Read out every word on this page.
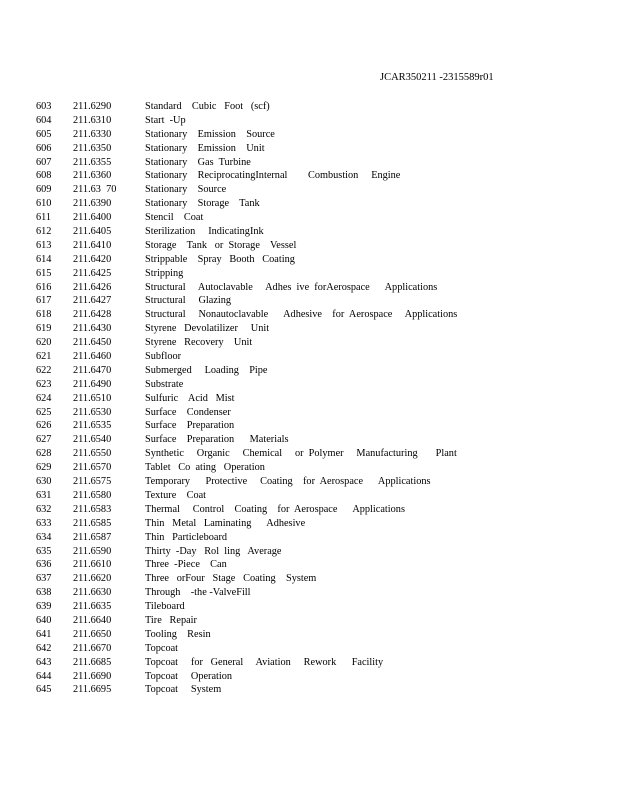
JCAR350211 -2315589r01
603 211.6290	Standard    Cubic   Foot   (scf)
604 211.6310	Start  -Up
605 211.6330	Stationary    Emission    Source
606 211.6350	Stationary    Emission    Unit
607 211.6355	Stationary    Gas  Turbine
608 211.6360	Stationary    ReciprocatingInternal        Combustion     Engine
609 211.63  70	Stationary    Source
610 211.6390	Stationary    Storage    Tank
611 211.6400	Stencil    Coat
612 211.6405	Sterilization     IndicatingInk
613 211.6410	Storage    Tank   or  Storage    Vessel
614 211.6420	Strippable    Spray   Booth   Coating
615 211.6425	Stripping
616 211.6426	Structural     Autoclavable     Adhes  ive  forAerospace      Applications
617 211.6427	Structural     Glazing
618 211.6428	Structural     Nonautoclavable      Adhesive    for  Aerospace     Applications
619 211.6430	Styrene   Devolatilizer     Unit
620 211.6450	Styrene   Recovery    Unit
621 211.6460	Subfloor
622 211.6470	Submerged     Loading    Pipe
623 211.6490	Substrate
624 211.6510	Sulfuric    Acid   Mist
625 211.6530	Surface    Condenser
626 211.6535	Surface    Preparation
627 211.6540	Surface    Preparation      Materials
628 211.6550	Synthetic     Organic     Chemical     or  Polymer     Manufacturing       Plant
629 211.6570	Tablet   Co  ating   Operation
630 211.6575	Temporary      Protective     Coating    for  Aerospace      Applications
631 211.6580	Texture    Coat
632 211.6583	Thermal     Control    Coating    for  Aerospace      Applications
633 211.6585	Thin   Metal   Laminating      Adhesive
634 211.6587	Thin   Particleboard
635 211.6590	Thirty  -Day   Rol  ling   Average
636 211.6610	Three  -Piece    Can
637 211.6620	Three   orFour   Stage   Coating    System
638 211.6630	Through    -the -ValveFill
639 211.6635	Tileboard
640 211.6640	Tire   Repair
641 211.6650	Tooling    Resin
642 211.6670	Topcoat
643 211.6685	Topcoat     for   General     Aviation     Rework      Facility
644 211.6690	Topcoat     Operation
645 211.6695	Topcoat     System
